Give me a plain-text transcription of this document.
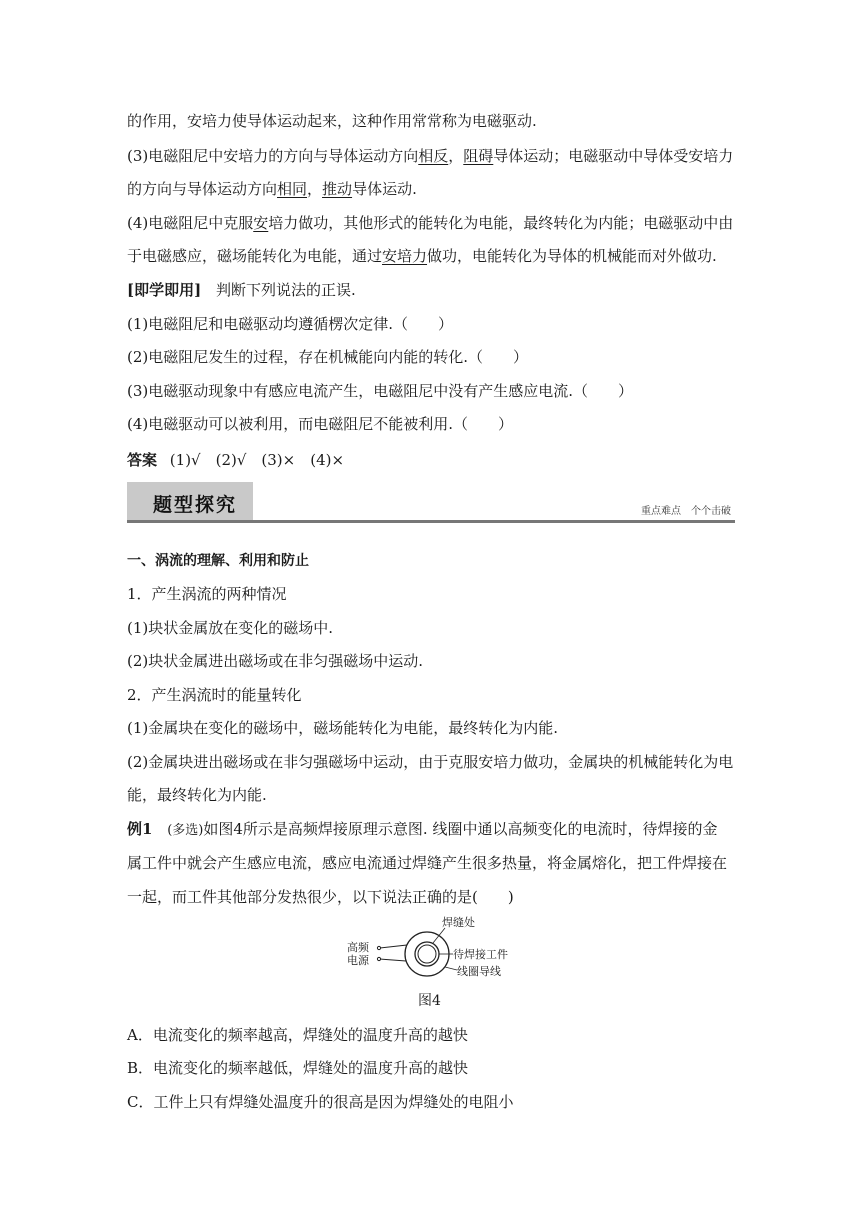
的作用，安培力使导体运动起来，这种作用常常称为电磁驱动.
(3)电磁阻尼中安培力的方向与导体运动方向相反，阻碍导体运动；电磁驱动中导体受安培力
的方向与导体运动方向相同，推动导体运动.
(4)电磁阻尼中克服安培力做功，其他形式的能转化为电能，最终转化为内能；电磁驱动中由
于电磁感应，磁场能转化为电能，通过安培力做功，电能转化为导体的机械能而对外做功.
[即学即用] 判断下列说法的正误.
(1)电磁阻尼和电磁驱动均遵循楞次定律.（　　）
(2)电磁阻尼发生的过程，存在机械能向内能的转化.（　　）
(3)电磁驱动现象中有感应电流产生，电磁阻尼中没有产生感应电流.（　　）
(4)电磁驱动可以被利用，而电磁阻尼不能被利用.（　　）
答案 (1)√　(2)√　(3)×　(4)×
题型探究	重点难点　个个击破
一、涡流的理解、利用和防止
1．产生涡流的两种情况
(1)块状金属放在变化的磁场中.
(2)块状金属进出磁场或在非匀强磁场中运动.
2．产生涡流时的能量转化
(1)金属块在变化的磁场中，磁场能转化为电能，最终转化为内能.
(2)金属块进出磁场或在非匀强磁场中运动，由于克服安培力做功，金属块的机械能转化为电
能，最终转化为内能.
例1 (多选)如图4所示是高频焊接原理示意图. 线圈中通以高频变化的电流时，待焊接的金
属工件中就会产生感应电流，感应电流通过焊缝产生很多热量，将金属熔化，把工件焊接在
一起，而工件其他部分发热很少，以下说法正确的是(　　)
高频
电源
焊缝处
待焊接工件
线圈导线
图4
A．电流变化的频率越高，焊缝处的温度升高的越快
B．电流变化的频率越低，焊缝处的温度升高的越快
C．工件上只有焊缝处温度升的很高是因为焊缝处的电阻小
